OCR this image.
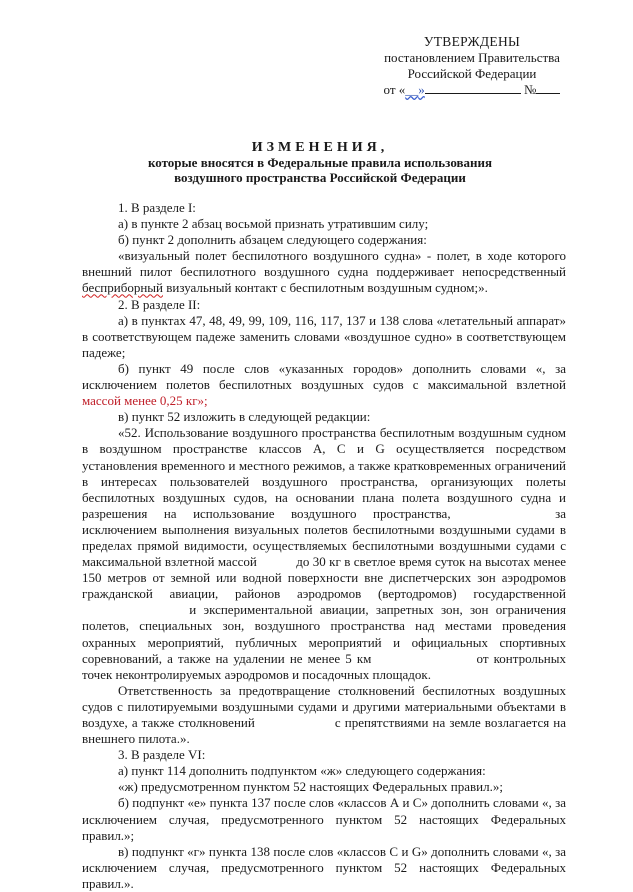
УТВЕРЖДЕНЫ
постановлением Правительства
Российской Федерации
от «__»	№
ИЗМЕНЕНИЯ,
которые вносятся в Федеральные правила использования
воздушного пространства Российской Федерации

1. В разделе I:

а) в пункте 2 абзац восьмой признать утратившим силу;

б) пункт 2 дополнить абзацем следующего содержания:

«визуальный полет беспилотного воздушного судна» - полет, в ходе которого внешний пилот беспилотного воздушного судна поддерживает непосредственный бесприборный визуальный контакт с беспилотным воздушным судном;».

2. В разделе II:

а) в пунктах 47, 48, 49, 99, 109, 116, 117, 137 и 138 слова «летательный аппарат» в соответствующем падеже заменить словами «воздушное судно» в соответствующем падеже;

б) пункт 49 после слов «указанных городов» дополнить словами «, за исключением полетов беспилотных воздушных судов с максимальной взлетной массой менее 0,25 кг»;

в) пункт 52 изложить в следующей редакции:

«52. Использование воздушного пространства беспилотным воздушным судном в воздушном пространстве классов А, С и G осуществляется посредством установления временного и местного режимов, а также кратковременных ограничений в интересах пользователей воздушного пространства, организующих полеты беспилотных воздушных судов, на основании плана полета воздушного судна и разрешения на использование воздушного пространства,	за исключением выполнения визуальных полетов беспилотными воздушными судами в пределах прямой видимости, осуществляемых беспилотными воздушными судами с максимальной взлетной массой	до 30 кг в светлое время суток на высотах менее 150 метров от земной или водной поверхности вне диспетчерских зон аэродромов гражданской авиации, районов аэродромов (вертодромов) государственной и экспериментальной авиации, запретных зон, зон ограничения полетов, специальных зон, воздушного пространства над местами проведения охранных мероприятий, публичных мероприятий и официальных спортивных соревнований, а также на удалении не менее 5 км	от контрольных точек неконтролируемых аэродромов и посадочных площадок.

Ответственность за предотвращение столкновений беспилотных воздушных судов с пилотируемыми воздушными судами и другими материальными объектами в воздухе, а также столкновений	с препятствиями на земле возлагается на внешнего пилота.».

3. В разделе VI:

а) пункт 114 дополнить подпунктом «ж» следующего содержания:

«ж) предусмотренном пунктом 52 настоящих Федеральных правил.»;

б) подпункт «е» пункта 137 после слов «классов А и С» дополнить словами «, за исключением случая, предусмотренного пунктом 52 настоящих Федеральных правил.»;

в) подпункт «г» пункта 138 после слов «классов С и G» дополнить словами «, за исключением случая, предусмотренного пунктом 52 настоящих Федеральных правил.».
